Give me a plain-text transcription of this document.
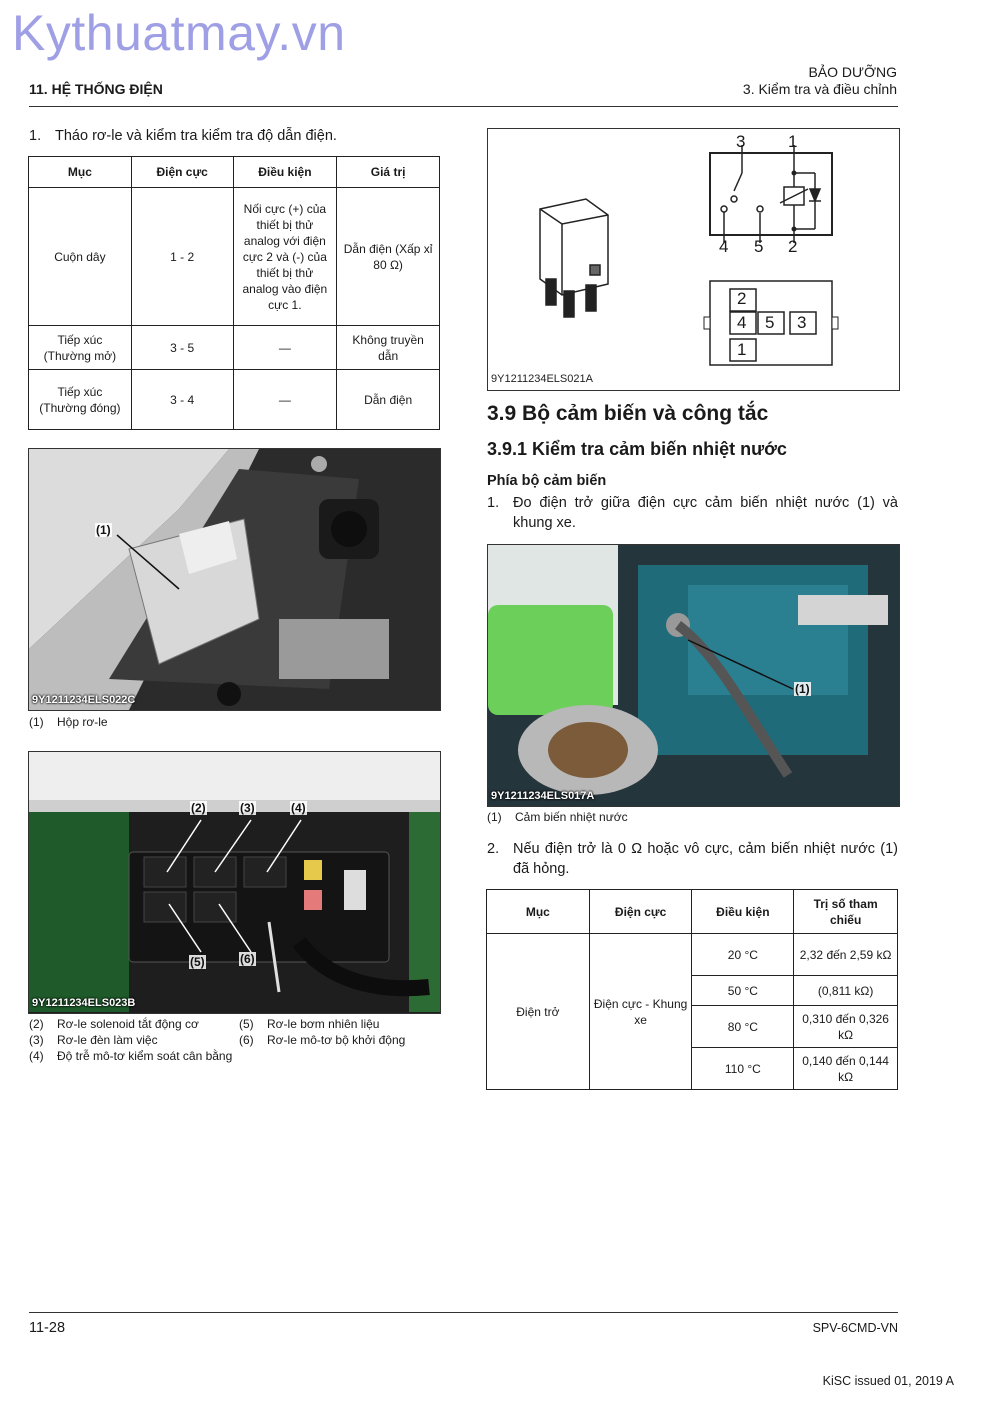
Kythuatmay.vn
11. HỆ THỐNG ĐIỆN
BẢO DƯỠNG
3. Kiểm tra và điều chỉnh
1. Tháo rơ-le và kiểm tra kiểm tra độ dẫn điện.
Mục	Điện cực	Điều kiện	Giá trị
Cuộn dây	1 - 2	Nối cực (+) của thiết bị thử analog với điện cực 2 và (-) của thiết bị thử analog vào điện cực 1.	Dẫn điện (Xấp xỉ 80 Ω)
Tiếp xúc (Thường mở)	3 - 5	—	Không truyền dẫn
Tiếp xúc (Thường đóng)	3 - 4	—	Dẫn điện
(1)
9Y1211234ELS022C
(1)	Hộp rơ-le
(2)	(3)	(4)
(5)	(6)
9Y1211234ELS023B
(2)	Rơ-le solenoid tắt động cơ
(3)	Rơ-le đèn làm việc
(4)	Độ trễ mô-tơ kiểm soát cân bằng
(5)	Rơ-le bơm nhiên liệu
(6)	Rơ-le mô-tơ bộ khởi động
3	1
4 5 2
2
4 5 3
1
9Y1211234ELS021A
3.9 Bộ cảm biến và công tắc
3.9.1 Kiểm tra cảm biến nhiệt nước
Phía bộ cảm biến
1. Đo điện trở giữa điện cực cảm biến nhiệt nước (1) và khung xe.
(1)
9Y1211234ELS017A
(1)	Cảm biến nhiệt nước
2. Nếu điện trở là 0 Ω hoặc vô cực, cảm biến nhiệt nước (1) đã hỏng.
Mục	Điện cực	Điều kiện	Trị số tham chiếu
Điện trở	Điện cực - Khung xe	20 °C	2,32 đến 2,59 kΩ
		50 °C	(0,811 kΩ)
		80 °C	0,310 đến 0,326 kΩ
		110 °C	0,140 đến 0,144 kΩ
11-28	SPV-6CMD-VN
KiSC issued 01, 2019 A
